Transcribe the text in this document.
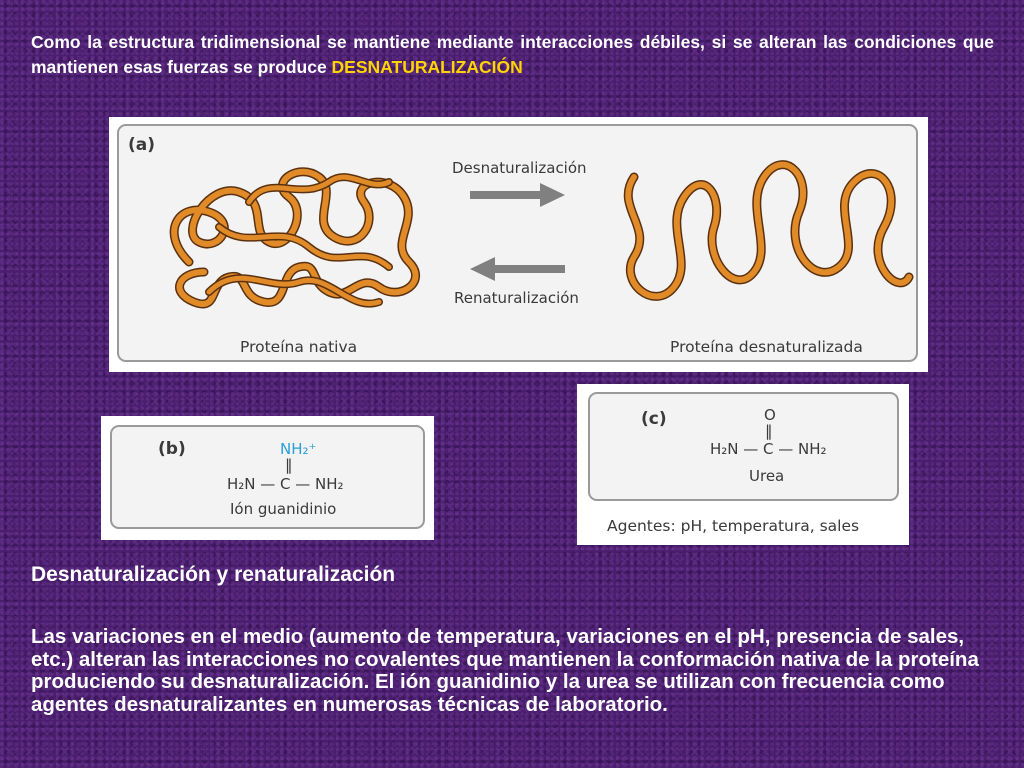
Como la estructura tridimensional se mantiene mediante interacciones débiles, si se alteran las condiciones que mantienen esas fuerzas se produce DESNATURALIZACIÓN

(a)
Desnaturalización
Renaturalización
Proteína nativa	Proteína desnaturalizada
(b)	NH₂⁺
‖
H₂N — C — NH₂
Ión guanidinio
(c)	O
‖
H₂N — C — NH₂
Urea
Agentes: pH, temperatura, sales
Desnaturalización y renaturalización

Las variaciones en el medio (aumento de temperatura, variaciones en el pH, presencia de sales, etc.) alteran las interacciones no covalentes que mantienen la conformación nativa de la proteína produciendo su desnaturalización. El ión guanidinio y la urea se utilizan con frecuencia como agentes desnaturalizantes en numerosas técnicas de laboratorio.
